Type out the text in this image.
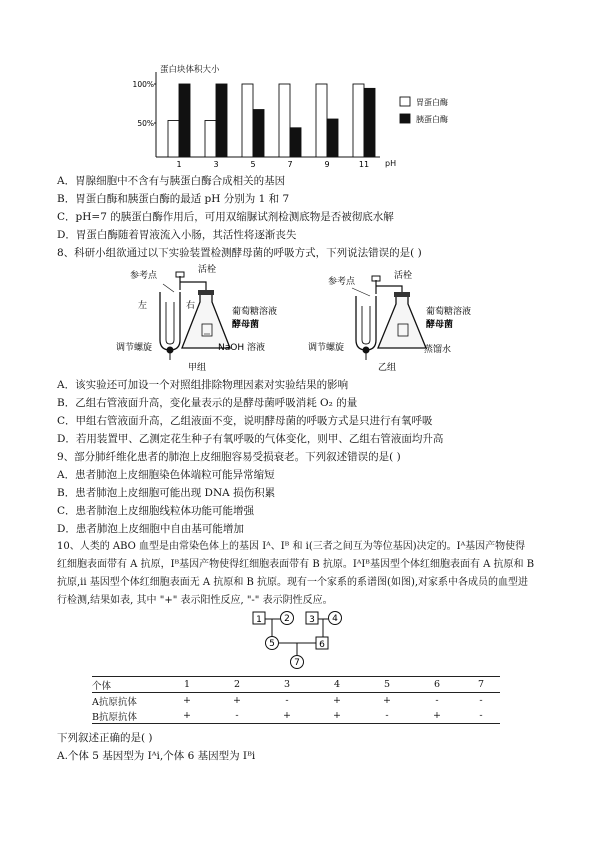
蛋白块体积大小
100%
50%
1	3	5	7	9	11 pH
胃蛋白酶
胰蛋白酶
A．胃腺细胞中不含有与胰蛋白酶合成相关的基因
B．胃蛋白酶和胰蛋白酶的最适 pH 分别为 1 和 7
C．pH=7 的胰蛋白酶作用后，可用双缩脲试剂检测底物是否被彻底水解
D．胃蛋白酶随着胃液流入小肠，其活性将逐渐丧失
8、科研小组欲通过以下实验装置检测酵母菌的呼吸方式，下列说法错误的是( )
参考点
活栓
左	右
葡萄糖溶液
酵母菌
调节螺旋	NaOH 溶液
甲组
参考点
活栓
葡萄糖溶液
酵母菌
调节螺旋	蒸馏水
乙组
A．该实验还可加设一个对照组排除物理因素对实验结果的影响
B．乙组右管液面升高，变化量表示的是酵母菌呼吸消耗 O₂ 的量
C．甲组右管液面升高，乙组液面不变，说明酵母菌的呼吸方式是只进行有氧呼吸
D．若用装置甲、乙测定花生种子有氧呼吸的气体变化，则甲、乙组右管液面均升高
9、部分肺纤维化患者的肺泡上皮细胞容易受损衰老。下列叙述错误的是( )
A．患者肺泡上皮细胞染色体端粒可能异常缩短
B．患者肺泡上皮细胞可能出现 DNA 损伤积累
C．患者肺泡上皮细胞线粒体功能可能增强
D．患者肺泡上皮细胞中自由基可能增加
10、人类的 ABO 血型是由常染色体上的基因 Iᴬ、Iᴮ 和 i(三者之间互为等位基因)决定的。Iᴬ基因产物使得
红细胞表面带有 A 抗原，Iᴮ基因产物使得红细胞表面带有 B 抗原。IᴬIᴮ基因型个体红细胞表面有 A 抗原和 B
抗原,ii 基因型个体红细胞表面无 A 抗原和 B 抗原。现有一个家系的系谱图(如图),对家系中各成员的血型进
行检测,结果如表, 其中 "+" 表示阳性反应, "-" 表示阴性反应。
1 2 3 4
5	6
7
个体	1	2	3	4	5	6	7
A抗原抗体	+	+	-	+	+	-	-
B抗原抗体	+	-	+	+	-	+	-
下列叙述正确的是( )
A.个体 5 基因型为 Iᴬi,个体 6 基因型为 Iᴮi
